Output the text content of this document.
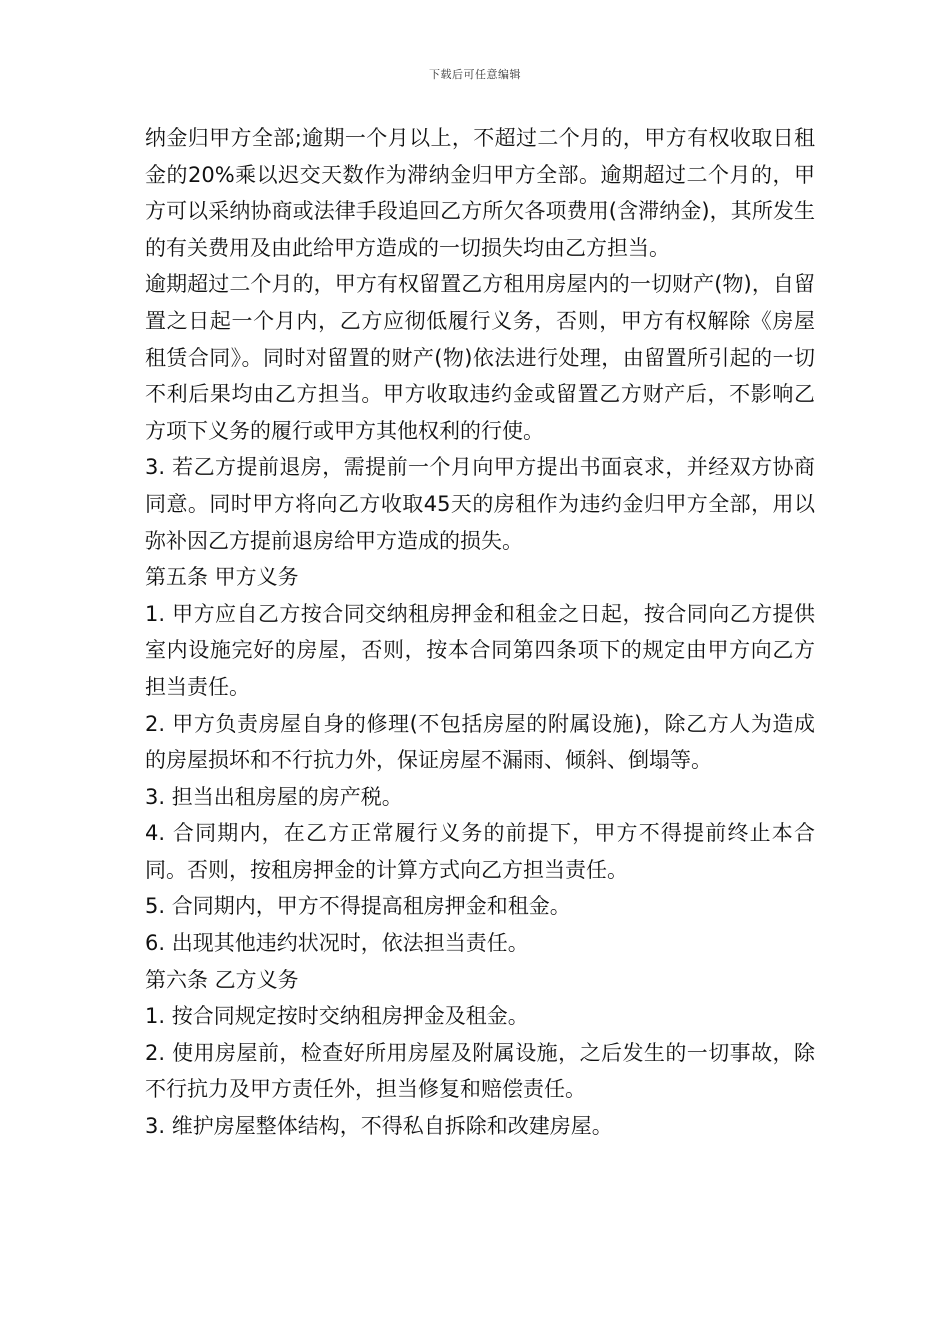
下载后可任意编辑

纳金归甲方全部;逾期一个月以上，不超过二个月的，甲方有权收取日租金的20%乘以迟交天数作为滞纳金归甲方全部。逾期超过二个月的，甲方可以采纳协商或法律手段追回乙方所欠各项费用(含滞纳金)，其所发生的有关费用及由此给甲方造成的一切损失均由乙方担当。

逾期超过二个月的，甲方有权留置乙方租用房屋内的一切财产(物)，自留置之日起一个月内，乙方应彻低履行义务，否则，甲方有权解除《房屋租赁合同》。同时对留置的财产(物)依法进行处理，由留置所引起的一切不利后果均由乙方担当。甲方收取违约金或留置乙方财产后，不影响乙方项下义务的履行或甲方其他权利的行使。

3. 若乙方提前退房，需提前一个月向甲方提出书面哀求，并经双方协商同意。同时甲方将向乙方收取45天的房租作为违约金归甲方全部，用以弥补因乙方提前退房给甲方造成的损失。

第五条 甲方义务

1. 甲方应自乙方按合同交纳租房押金和租金之日起，按合同向乙方提供室内设施完好的房屋，否则，按本合同第四条项下的规定由甲方向乙方担当责任。

2. 甲方负责房屋自身的修理(不包括房屋的附属设施)，除乙方人为造成的房屋损坏和不行抗力外，保证房屋不漏雨、倾斜、倒塌等。

3. 担当出租房屋的房产税。

4. 合同期内，在乙方正常履行义务的前提下，甲方不得提前终止本合同。否则，按租房押金的计算方式向乙方担当责任。

5. 合同期内，甲方不得提高租房押金和租金。

6. 出现其他违约状况时，依法担当责任。

第六条 乙方义务

1. 按合同规定按时交纳租房押金及租金。

2. 使用房屋前，检查好所用房屋及附属设施，之后发生的一切事故，除不行抗力及甲方责任外，担当修复和赔偿责任。

3. 维护房屋整体结构，不得私自拆除和改建房屋。
